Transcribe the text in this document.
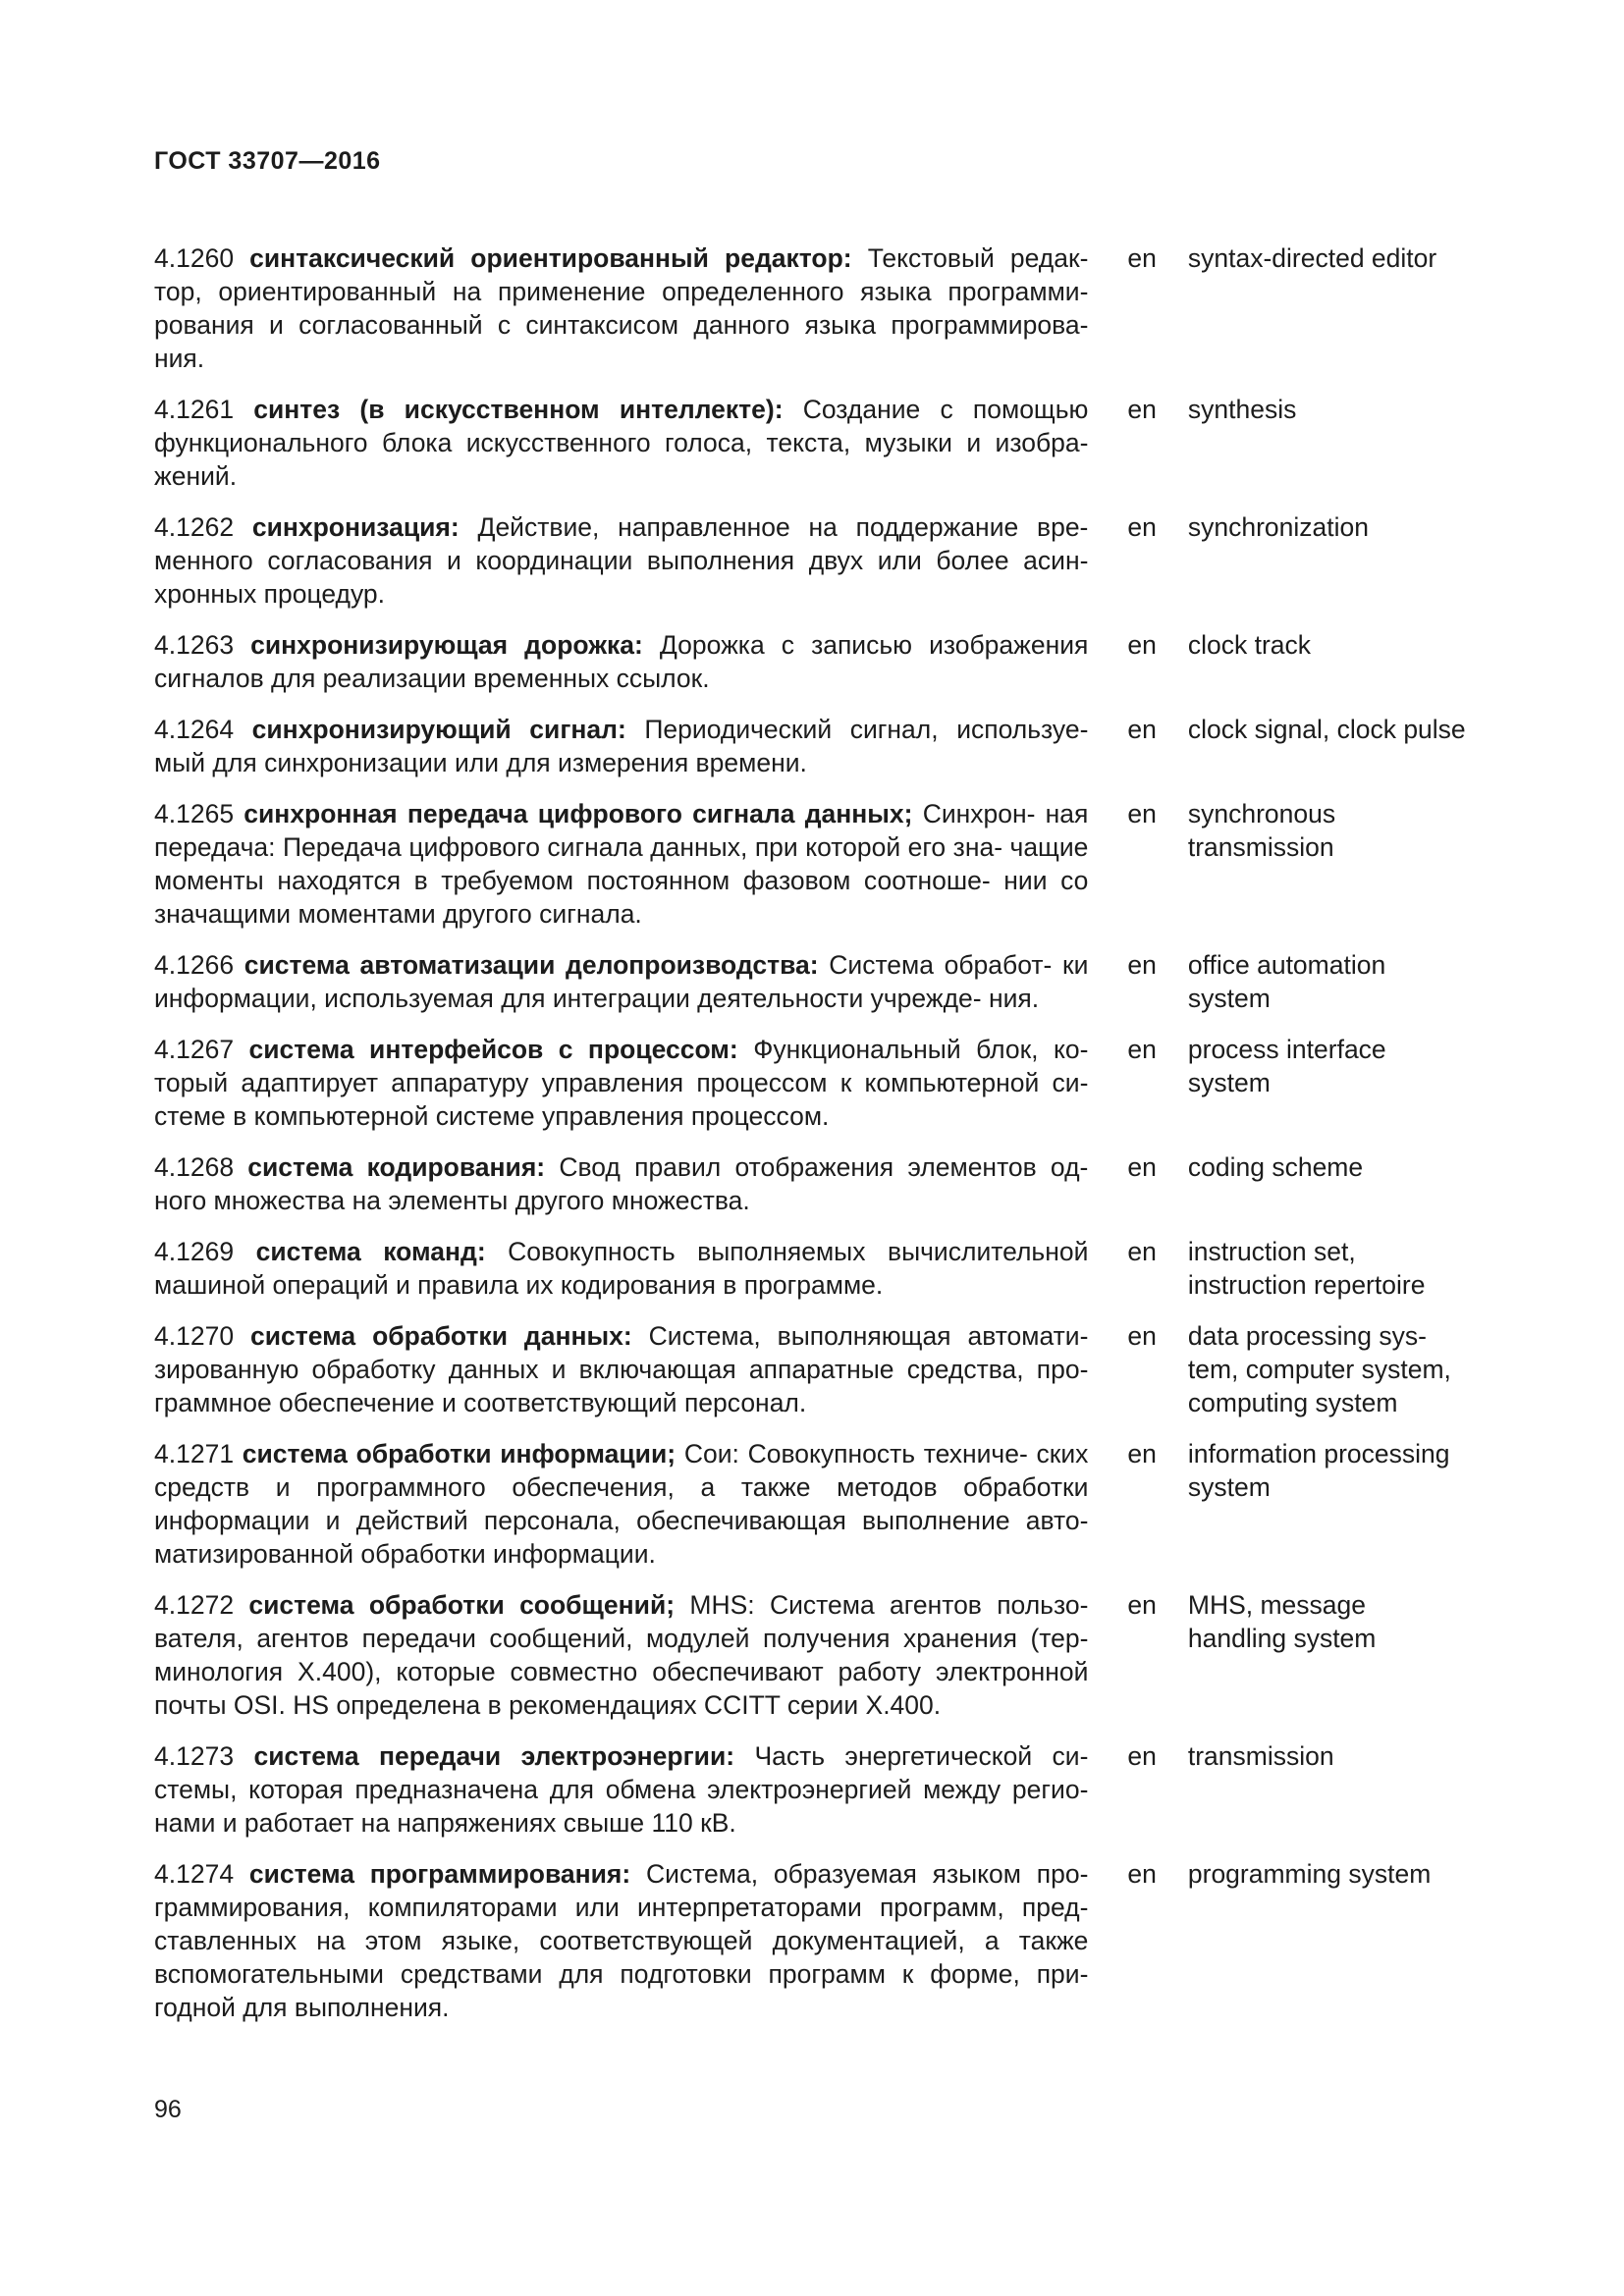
ГОСТ 33707—2016
4.1260 синтаксический ориентированный редактор: Текстовый редак- тор, ориентированный на применение определенного языка программи- рования и согласованный с синтаксисом данного языка программирова- ния.
en	syntax-directed editor
4.1261 синтез (в искусственном интеллекте): Создание с помощью функционального блока искусственного голоса, текста, музыки и изобра- жений.
en	synthesis
4.1262 синхронизация: Действие, направленное на поддержание вре- менного согласования и координации выполнения двух или более асин- хронных процедур.
en	synchronization
4.1263 синхронизирующая дорожка: Дорожка с записью изображения сигналов для реализации временных ссылок.
en	clock track
4.1264 синхронизирующий сигнал: Периодический сигнал, используе- мый для синхронизации или для измерения времени.
en	clock signal, clock pulse
4.1265 синхронная передача цифрового сигнала данных; Синхрон- ная передача: Передача цифрового сигнала данных, при которой его зна- чащие моменты находятся в требуемом постоянном фазовом соотноше- нии со значащими моментами другого сигнала.
en	synchronous
transmission
4.1266 система автоматизации делопроизводства: Система обработ- ки информации, используемая для интеграции деятельности учрежде- ния.
en	office automation
system
4.1267 система интерфейсов с процессом: Функциональный блок, ко- торый адаптирует аппаратуру управления процессом к компьютерной си- стеме в компьютерной системе управления процессом.
en	process interface
system
4.1268 система кодирования: Свод правил отображения элементов од- ного множества на элементы другого множества.
en	coding scheme
4.1269 система команд: Совокупность выполняемых вычислительной машиной операций и правила их кодирования в программе.
en	instruction set,
instruction repertoire
4.1270 система обработки данных: Система, выполняющая автомати- зированную обработку данных и включающая аппаратные средства, про- граммное обеспечение и соответствующий персонал.
en	data processing sys-
tem, computer system,
computing system
4.1271 система обработки информации; Сои: Совокупность техниче- ских средств и программного обеспечения, а также методов обработки информации и действий персонала, обеспечивающая выполнение авто- матизированной обработки информации.
en	information processing
system
4.1272 система обработки сообщений; MHS: Система агентов пользо- вателя, агентов передачи сообщений, модулей получения хранения (тер- минология X.400), которые совместно обеспечивают работу электронной почты OSI. HS определена в рекомендациях CCITT серии X.400.
en	MHS, message
handling system
4.1273 система передачи электроэнергии: Часть энергетической си- стемы, которая предназначена для обмена электроэнергией между регио- нами и работает на напряжениях свыше 110 кВ.
en	transmission
4.1274 система программирования: Система, образуемая языком про- граммирования, компиляторами или интерпретаторами программ, пред- ставленных на этом языке, соответствующей документацией, а также вспомогательными средствами для подготовки программ к форме, при- годной для выполнения.
en	programming system
96
